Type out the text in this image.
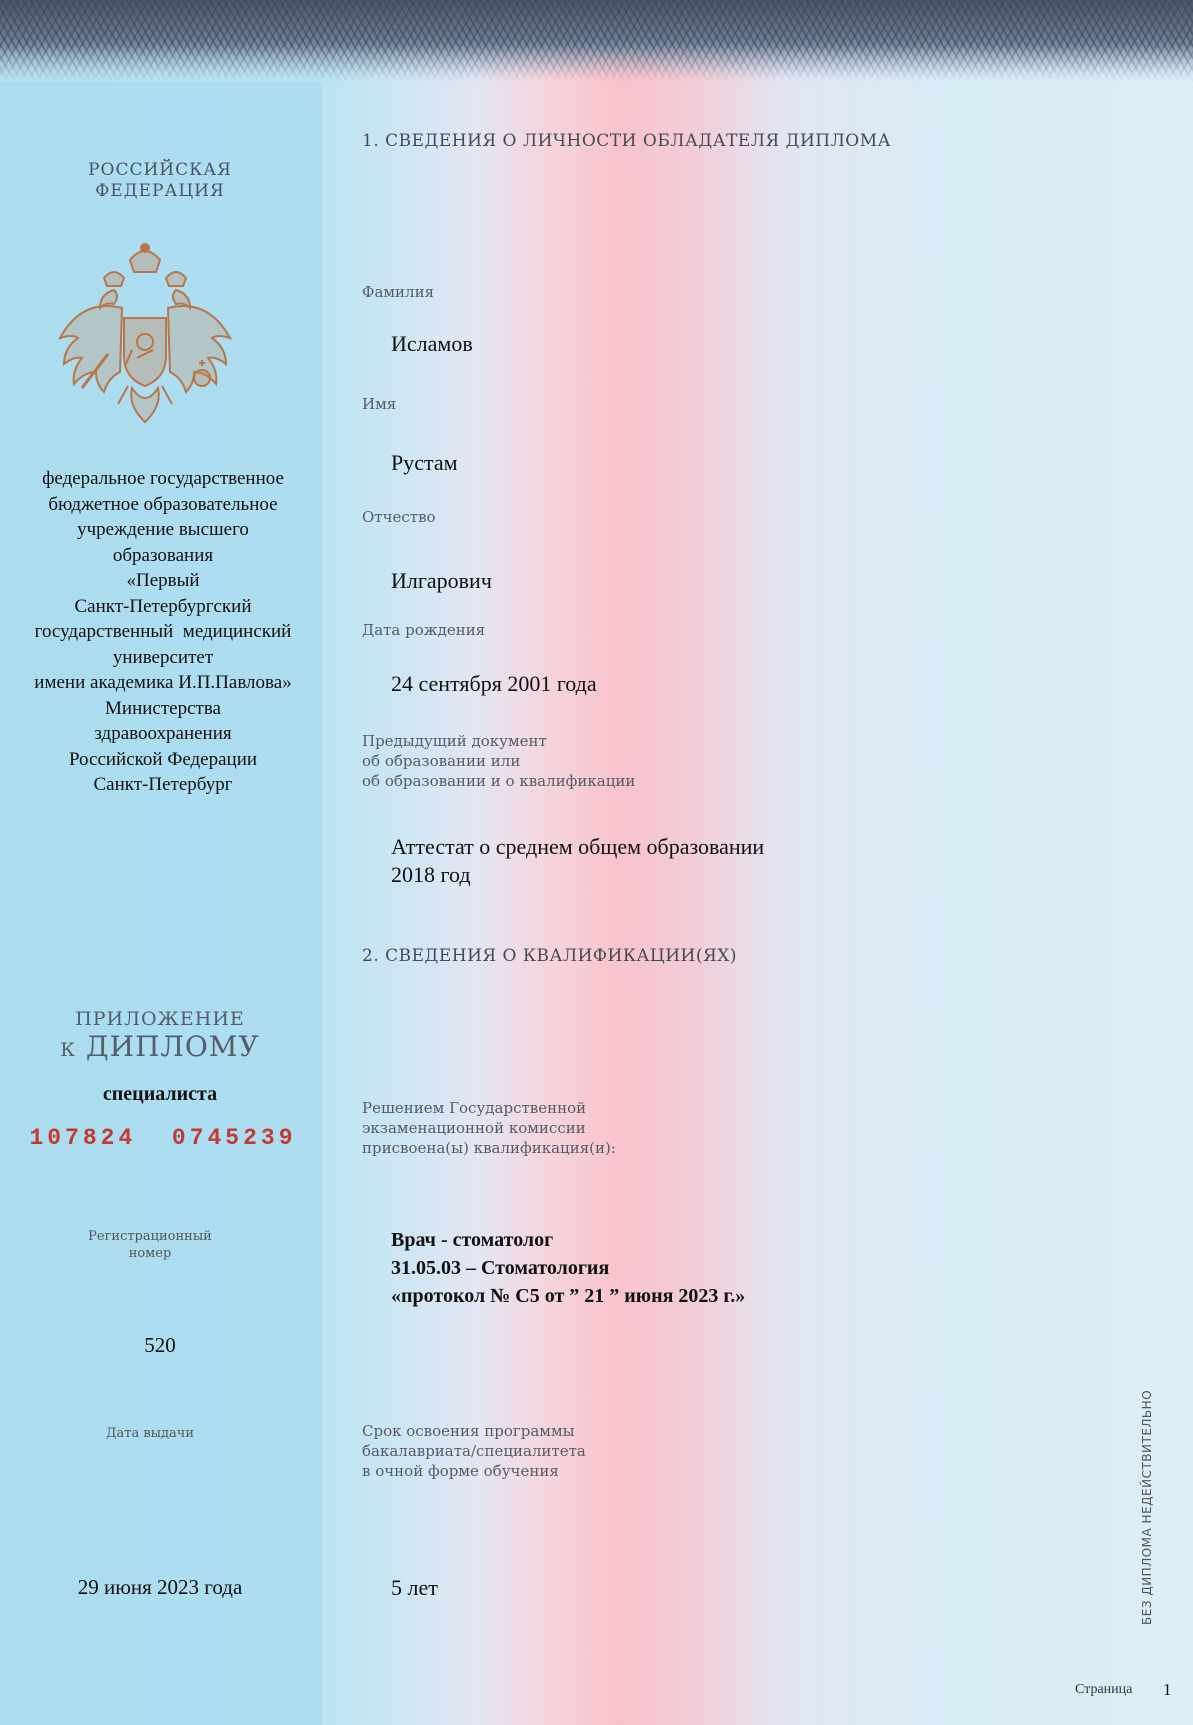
РОССИЙСКАЯ
ФЕДЕРАЦИЯ
федеральное государственное
бюджетное образовательное
учреждение высшего
образования
«Первый
Санкт-Петербургский
государственный  медицинский
университет
имени академика И.П.Павлова»
Министерства
здравоохранения
Российской Федерации
Санкт-Петербург
ПРИЛОЖЕНИЕ
К ДИПЛОМУ
специалиста
107824  0745239
Регистрационный
номер
520
Дата выдачи
29 июня 2023 года
1. СВЕДЕНИЯ О ЛИЧНОСТИ ОБЛАДАТЕЛЯ ДИПЛОМА
Фамилия
Исламов
Имя
Рустам
Отчество
Илгарович
Дата рождения
24 сентября 2001 года
Предыдущий документ
об образовании или
об образовании и о квалификации
Аттестат о среднем общем образовании
2018 год
2. СВЕДЕНИЯ О КВАЛИФИКАЦИИ(ЯХ)
Решением Государственной
экзаменационной комиссии
присвоена(ы) квалификация(и):
Врач - стоматолог
31.05.03 – Стоматология
«протокол № С5 от ” 21 ” июня 2023 г.»
Срок освоения программы
бакалавриата/специалитета
в очной форме обучения
5 лет	БЕЗ ДИПЛОМА НЕДЕЙСТВИТЕЛЬНО
Страница 1
